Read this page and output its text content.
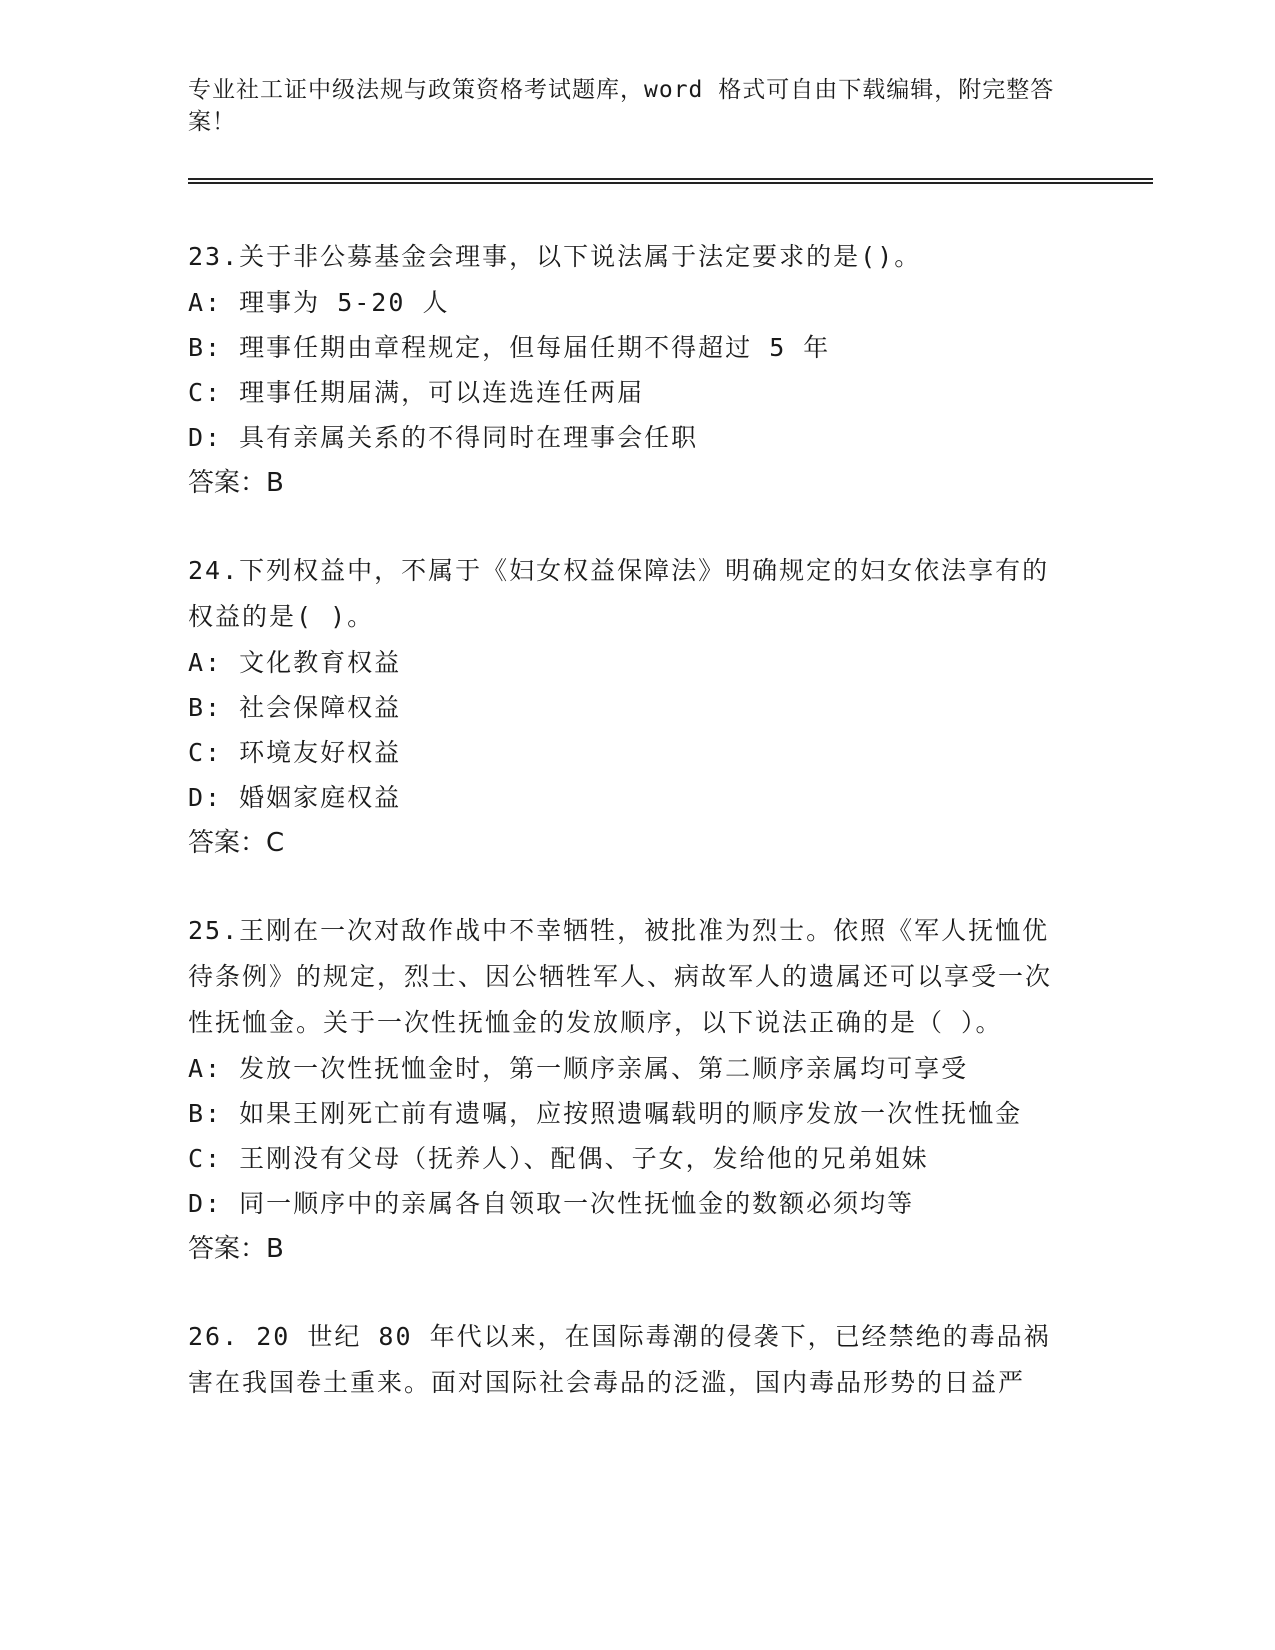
专业社工证中级法规与政策资格考试题库，word 格式可自由下载编辑，附完整答案！

23.关于非公募基金会理事，以下说法属于法定要求的是()。

A: 理事为 5-20 人

B: 理事任期由章程规定，但每届任期不得超过 5 年

C: 理事任期届满，可以连选连任两届

D: 具有亲属关系的不得同时在理事会任职

答案：B

24.下列权益中，不属于《妇女权益保障法》明确规定的妇女依法享有的权益的是( )。

A: 文化教育权益

B: 社会保障权益

C: 环境友好权益

D: 婚姻家庭权益

答案：C

25.王刚在一次对敌作战中不幸牺牲，被批准为烈士。依照《军人抚恤优待条例》的规定，烈士、因公牺牲军人、病故军人的遗属还可以享受一次性抚恤金。关于一次性抚恤金的发放顺序，以下说法正确的是（ ）。

A: 发放一次性抚恤金时，第一顺序亲属、第二顺序亲属均可享受

B: 如果王刚死亡前有遗嘱，应按照遗嘱载明的顺序发放一次性抚恤金

C: 王刚没有父母（抚养人）、配偶、子女，发给他的兄弟姐妹

D: 同一顺序中的亲属各自领取一次性抚恤金的数额必须均等

答案：B

26. 20 世纪 80 年代以来，在国际毒潮的侵袭下，已经禁绝的毒品祸害在我国卷土重来。面对国际社会毒品的泛滥，国内毒品形势的日益严
